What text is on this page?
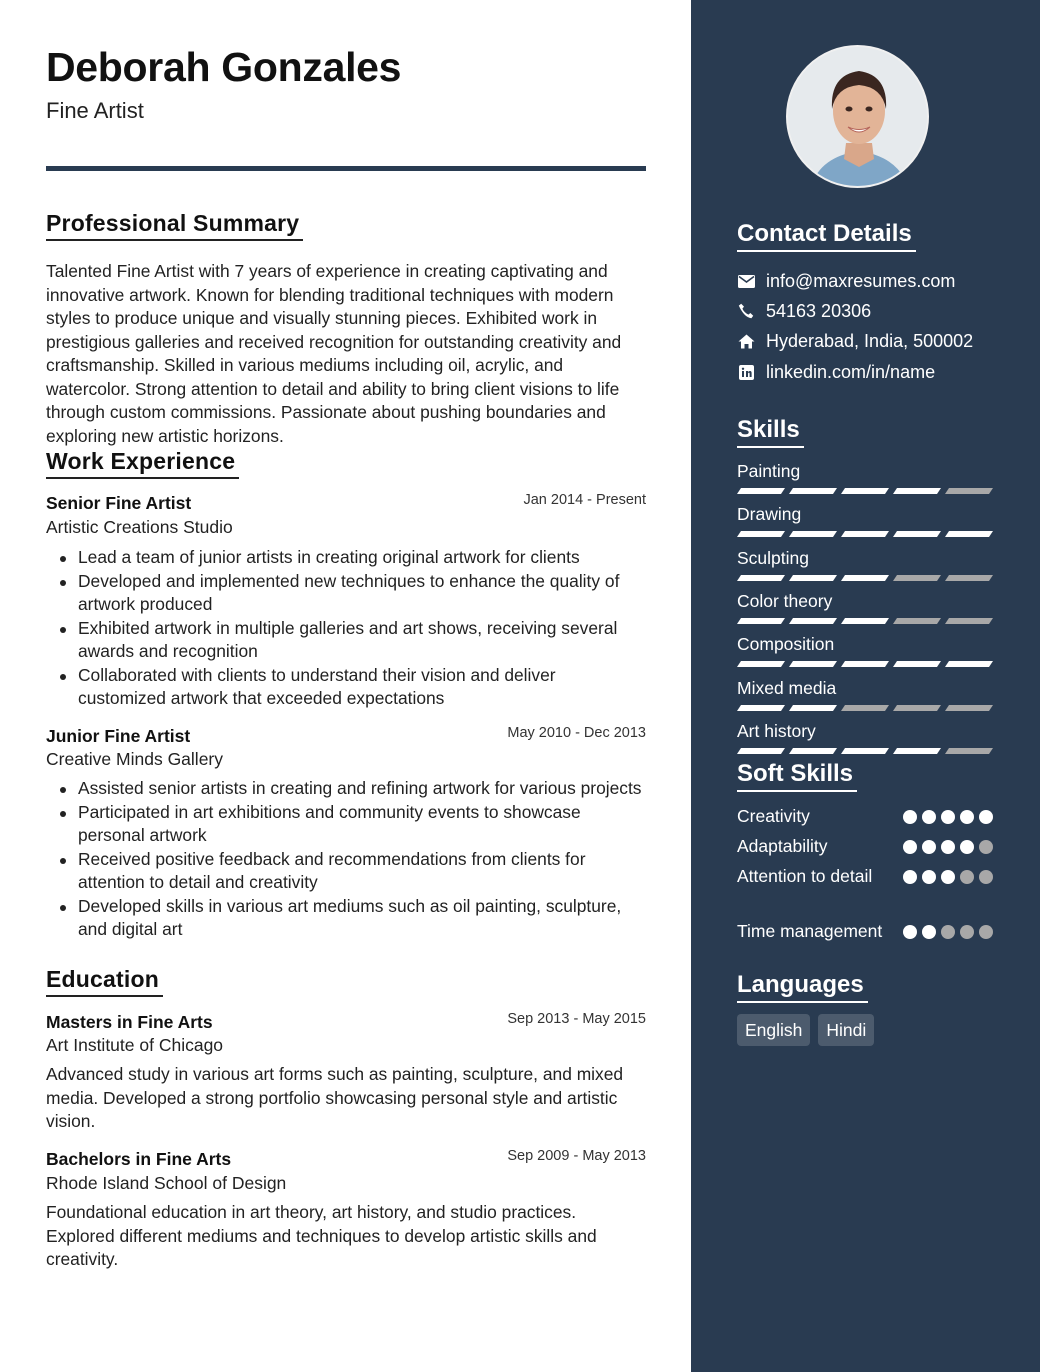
Deborah Gonzales
Fine Artist
Professional Summary
Talented Fine Artist with 7 years of experience in creating captivating and innovative artwork. Known for blending traditional techniques with modern styles to produce unique and visually stunning pieces. Exhibited work in prestigious galleries and received recognition for outstanding creativity and craftsmanship. Skilled in various mediums including oil, acrylic, and watercolor. Strong attention to detail and ability to bring client visions to life through custom commissions. Passionate about pushing boundaries and exploring new artistic horizons.
Work Experience
Senior Fine Artist	Jan 2014 - Present
Artistic Creations Studio
Lead a team of junior artists in creating original artwork for clients
Developed and implemented new techniques to enhance the quality of artwork produced
Exhibited artwork in multiple galleries and art shows, receiving several awards and recognition
Collaborated with clients to understand their vision and deliver customized artwork that exceeded expectations
Junior Fine Artist	May 2010 - Dec 2013
Creative Minds Gallery
Assisted senior artists in creating and refining artwork for various projects
Participated in art exhibitions and community events to showcase personal artwork
Received positive feedback and recommendations from clients for attention to detail and creativity
Developed skills in various art mediums such as oil painting, sculpture, and digital art
Education
Masters in Fine Arts	Sep 2013 - May 2015
Art Institute of Chicago
Advanced study in various art forms such as painting, sculpture, and mixed media. Developed a strong portfolio showcasing personal style and artistic vision.
Bachelors in Fine Arts	Sep 2009 - May 2013
Rhode Island School of Design
Foundational education in art theory, art history, and studio practices. Explored different mediums and techniques to develop artistic skills and creativity.
Contact Details
info@maxresumes.com
54163 20306
Hyderabad, India, 500002
linkedin.com/in/name
Skills
Painting
Drawing
Sculpting
Color theory
Composition
Mixed media
Art history
Soft Skills
Creativity
Adaptability
Attention to detail
Time management
Languages
English	Hindi
